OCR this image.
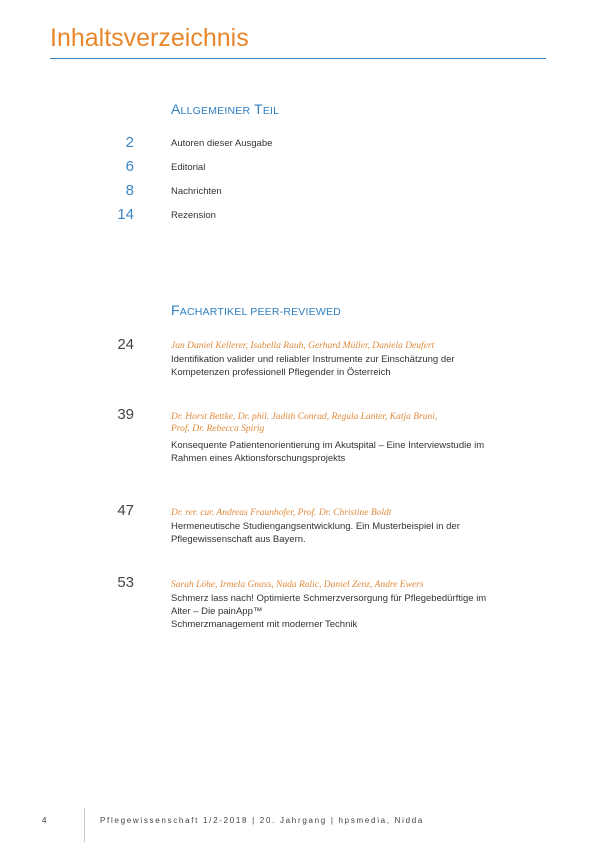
Inhaltsverzeichnis
ALLGEMEINER TEIL
2	Autoren dieser Ausgabe
6	Editorial
8	Nachrichten
14	Rezension
FACHARTIKEL PEER-REVIEWED
24	Jan Daniel Kellerer, Isabella Rauh, Gerhard Müller, Daniela Deufert
Identifikation valider und reliabler Instrumente zur Einschätzung der
Kompetenzen professionell Pflegender in Österreich
39	Dr. Horst Bettke, Dr. phil. Judith Conrad, Regula Lanter, Katja Bruni,
Prof. Dr. Rebecca Spirig
Konsequente Patientenorientierung im Akutspital – Eine Interviewstudie im
Rahmen eines Aktionsforschungsprojekts
47	Dr. rer. cur. Andreas Fraunhofer, Prof. Dr. Christine Boldt
Hermeneutische Studiengangsentwicklung. Ein Musterbeispiel in der
Pflegewissenschaft aus Bayern.
53	Sarah Löhe, Irmela Gnass, Nada Ralic, Daniel Zenz, Andre Ewers
Schmerz lass nach! Optimierte Schmerzversorgung für Pflegebedürftige im
Alter – Die painApp™
Schmerzmanagement mit moderner Technik
4	Pflegewissenschaft 1/2-2018 | 20. Jahrgang | hpsmedia, Nidda
